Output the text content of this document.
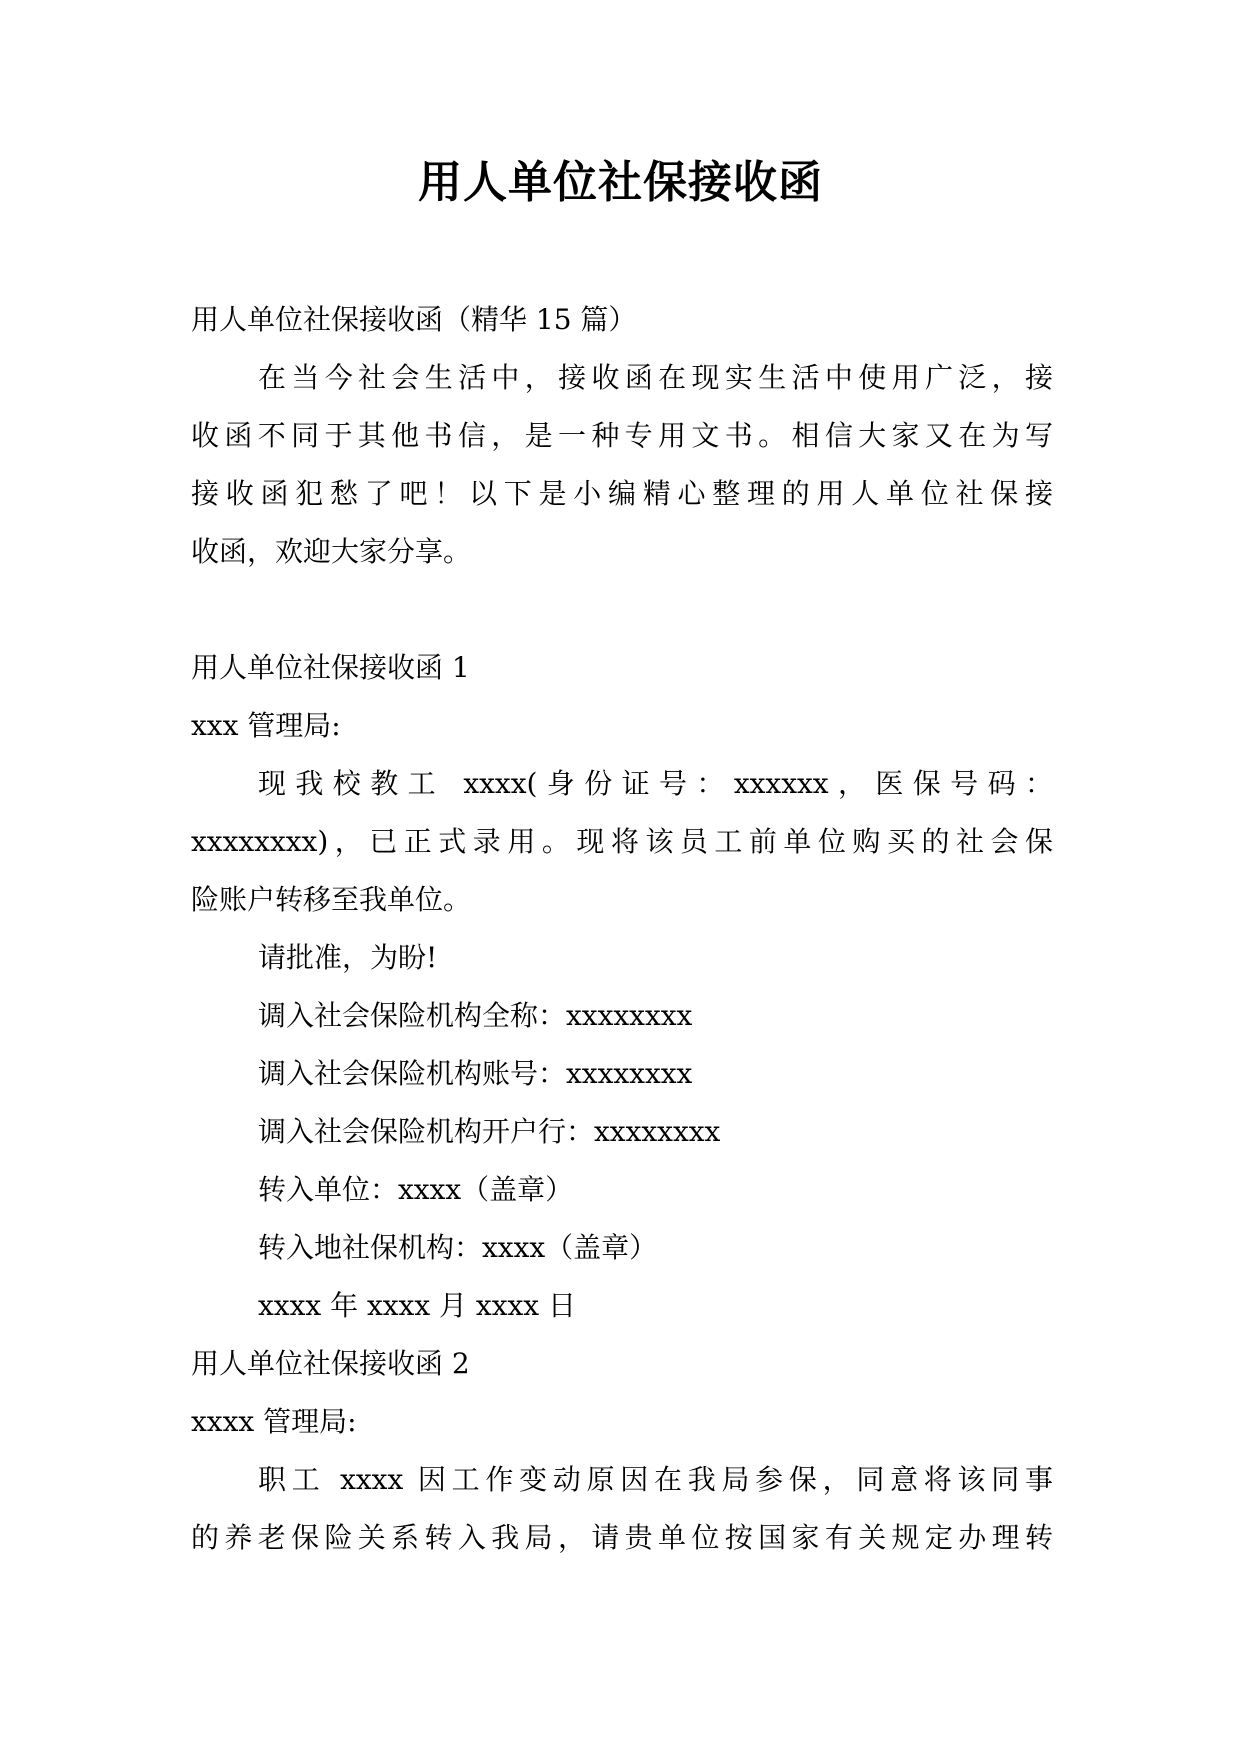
用人单位社保接收函

用人单位社保接收函（精华 15 篇）

在当今社会生活中，接收函在现实生活中使用广泛，接

收函不同于其他书信，是一种专用文书。相信大家又在为写

接收函犯愁了吧！以下是小编精心整理的用人单位社保接

收函，欢迎大家分享。

用人单位社保接收函 1

xxx 管理局:

现我校教工 xxxx(身份证号：xxxxxx，医保号码：

xxxxxxxx)，已正式录用。现将该员工前单位购买的社会保

险账户转移至我单位。

请批准，为盼!

调入社会保险机构全称：xxxxxxxx

调入社会保险机构账号：xxxxxxxx

调入社会保险机构开户行：xxxxxxxx

转入单位：xxxx（盖章）

转入地社保机构：xxxx（盖章）

xxxx 年 xxxx 月 xxxx 日

用人单位社保接收函 2

xxxx 管理局:

职工 xxxx 因工作变动原因在我局参保，同意将该同事

的养老保险关系转入我局，请贵单位按国家有关规定办理转
